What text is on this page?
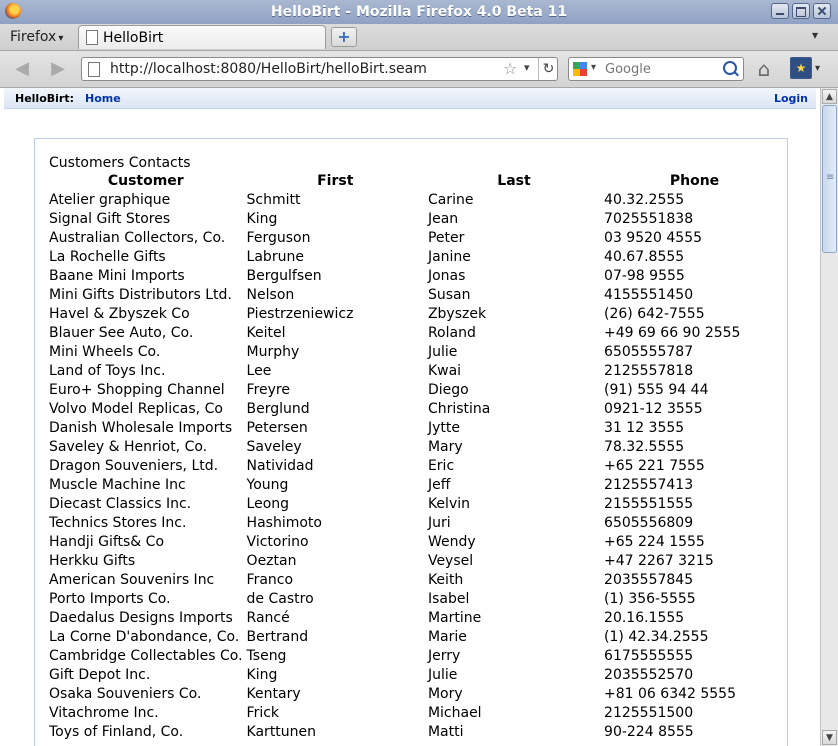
HelloBirt - Mozilla Firefox 4.0 Beta 11
Firefox ▾	HelloBirt	+	▾
◀ ▶	http://localhost:8080/HelloBirt/helloBirt.seam	☆ ▾ ↻	▾
Google	⌂	★ ▾
HelloBirt: Home	Login
Customers Contacts
Customer	First	Last	Phone
Atelier graphique	Schmitt	Carine	40.32.2555
Signal Gift Stores	King	Jean	7025551838
Australian Collectors, Co.	Ferguson	Peter	03 9520 4555
La Rochelle Gifts	Labrune	Janine	40.67.8555
Baane Mini Imports	Bergulfsen	Jonas	07-98 9555
Mini Gifts Distributors Ltd.	Nelson	Susan	4155551450
Havel & Zbyszek Co	Piestrzeniewicz	Zbyszek	(26) 642-7555
Blauer See Auto, Co.	Keitel	Roland	+49 69 66 90 2555
Mini Wheels Co.	Murphy	Julie	6505555787
Land of Toys Inc.	Lee	Kwai	2125557818
Euro+ Shopping Channel	Freyre	Diego	(91) 555 94 44
Volvo Model Replicas, Co	Berglund	Christina	0921-12 3555
Danish Wholesale Imports	Petersen	Jytte	31 12 3555
Saveley & Henriot, Co.	Saveley	Mary	78.32.5555
Dragon Souveniers, Ltd.	Natividad	Eric	+65 221 7555
Muscle Machine Inc	Young	Jeff	2125557413
Diecast Classics Inc.	Leong	Kelvin	2155551555
Technics Stores Inc.	Hashimoto	Juri	6505556809
Handji Gifts& Co	Victorino	Wendy	+65 224 1555
Herkku Gifts	Oeztan	Veysel	+47 2267 3215
American Souvenirs Inc	Franco	Keith	2035557845
Porto Imports Co.	de Castro	Isabel	(1) 356-5555
Daedalus Designs Imports	Rancé	Martine	20.16.1555
La Corne D'abondance, Co.	Bertrand	Marie	(1) 42.34.2555
Cambridge Collectables Co.	Tseng	Jerry	6175555555
Gift Depot Inc.	King	Julie	2035552570
Osaka Souveniers Co.	Kentary	Mory	+81 06 6342 5555
Vitachrome Inc.	Frick	Michael	2125551500
Toys of Finland, Co.	Karttunen	Matti	90-224 8555
▲
≡
▼
